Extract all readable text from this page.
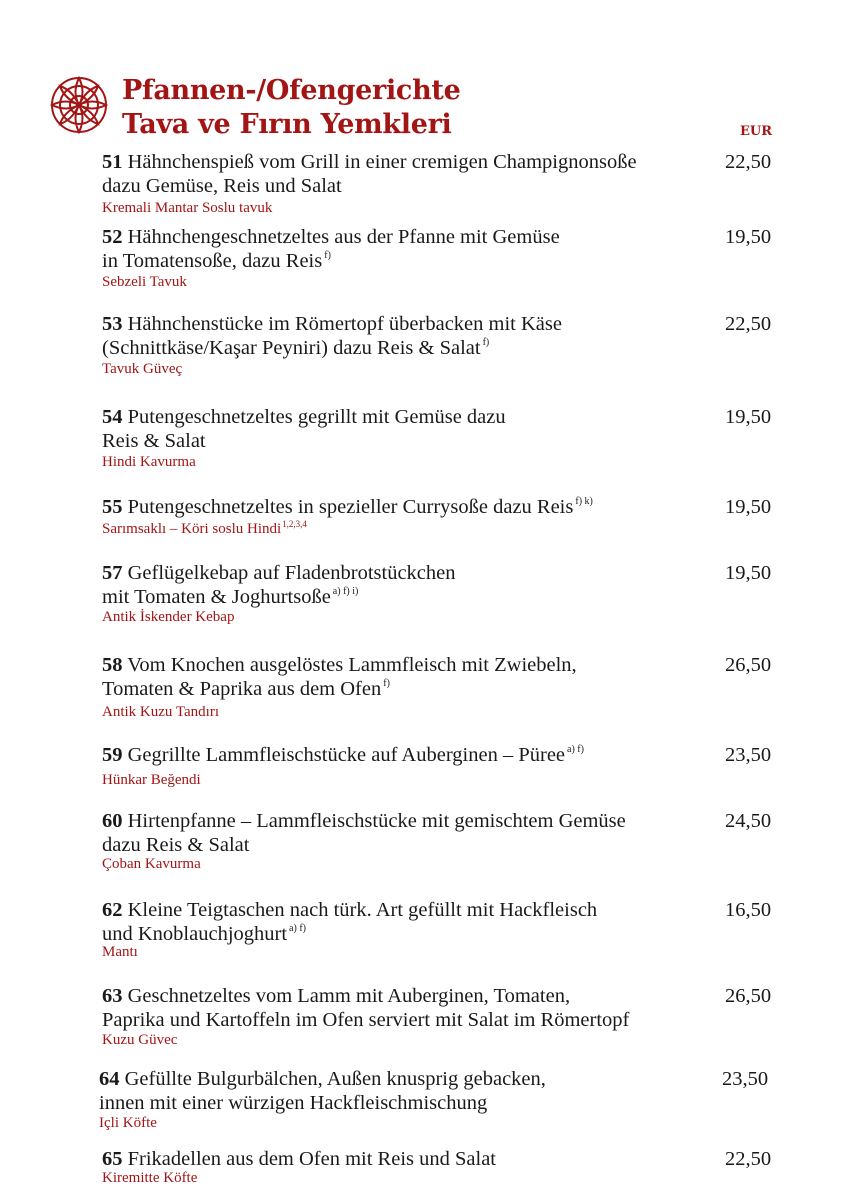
Pfannen-/Ofengerichte
Tava ve Fırın Yemkleri	EUR
51 Hähnchenspieß vom Grill in einer cremigen Champignonsoße
dazu Gemüse, Reis und Salat
Kremali Mantar Soslu tavuk
22,50
52 Hähnchengeschnetzeltes aus der Pfanne mit Gemüse
in Tomatensoße, dazu Reis $^{f)}$
Sebzeli Tavuk
19,50
53 Hähnchenstücke im Römertopf überbacken mit Käse
(Schnittkäse/Kaşar Peyniri) dazu Reis & Salat $^{f)}$
Tavuk Güveç
22,50
54 Putengeschnetzeltes gegrillt mit Gemüse dazu
Reis & Salat
Hindi Kavurma
19,50
55 Putengeschnetzeltes in spezieller Currysoße dazu Reis $^{f) k)}$
Sarımsaklı – Köri soslu Hindi$^{1,2,3,4}$
19,50
57 Geflügelkebap auf Fladenbrotstückchen
mit Tomaten & Joghurtsoße $^{a) f) i)}$
Antik İskender Kebap
19,50
58 Vom Knochen ausgelöstes Lammfleisch mit Zwiebeln,
Tomaten & Paprika aus dem Ofen $^{f)}$
Antik Kuzu Tandırı
26,50
59 Gegrillte Lammfleischstücke auf Auberginen – Püree $^{a) f)}$
Hünkar Beğendi
23,50
60 Hirtenpfanne – Lammfleischstücke mit gemischtem Gemüse
dazu Reis & Salat
Çoban Kavurma
24,50
62 Kleine Teigtaschen nach türk. Art gefüllt mit Hackfleisch
und Knoblauchjoghurt $^{a) f)}$
Mantı
16,50
63 Geschnetzeltes vom Lamm mit Auberginen, Tomaten,
Paprika und Kartoffeln im Ofen serviert mit Salat im Römertopf
Kuzu Güvec
26,50
64 Gefüllte Bulgurbälchen, Außen knusprig gebacken,
innen mit einer würzigen Hackfleischmischung
Içli Köfte
23,50
65 Frikadellen aus dem Ofen mit Reis und Salat
Kiremitte Köfte
22,50
